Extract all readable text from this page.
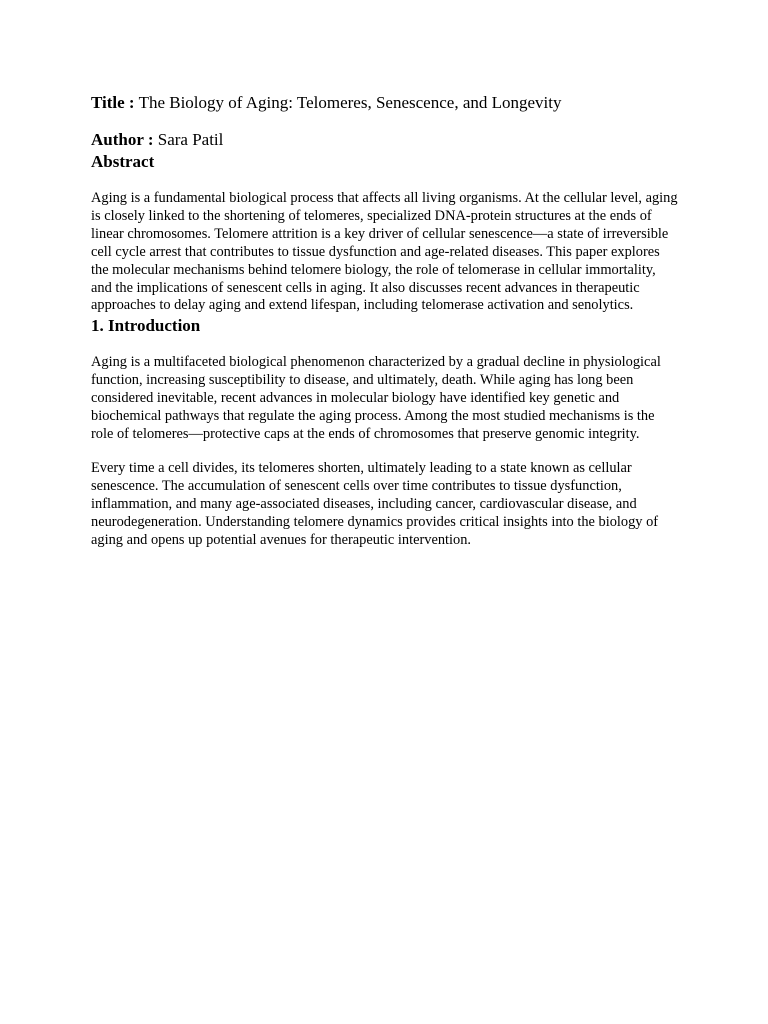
Title : The Biology of Aging: Telomeres, Senescence, and Longevity

Author : Sara Patil

Abstract

Aging is a fundamental biological process that affects all living organisms. At the cellular level, aging is closely linked to the shortening of telomeres, specialized DNA-protein structures at the ends of linear chromosomes. Telomere attrition is a key driver of cellular senescence—a state of irreversible cell cycle arrest that contributes to tissue dysfunction and age-related diseases. This paper explores the molecular mechanisms behind telomere biology, the role of telomerase in cellular immortality, and the implications of senescent cells in aging. It also discusses recent advances in therapeutic approaches to delay aging and extend lifespan, including telomerase activation and senolytics.

1. Introduction

Aging is a multifaceted biological phenomenon characterized by a gradual decline in physiological function, increasing susceptibility to disease, and ultimately, death. While aging has long been considered inevitable, recent advances in molecular biology have identified key genetic and biochemical pathways that regulate the aging process. Among the most studied mechanisms is the role of telomeres—protective caps at the ends of chromosomes that preserve genomic integrity.

Every time a cell divides, its telomeres shorten, ultimately leading to a state known as cellular senescence. The accumulation of senescent cells over time contributes to tissue dysfunction, inflammation, and many age-associated diseases, including cancer, cardiovascular disease, and neurodegeneration. Understanding telomere dynamics provides critical insights into the biology of aging and opens up potential avenues for therapeutic intervention.
